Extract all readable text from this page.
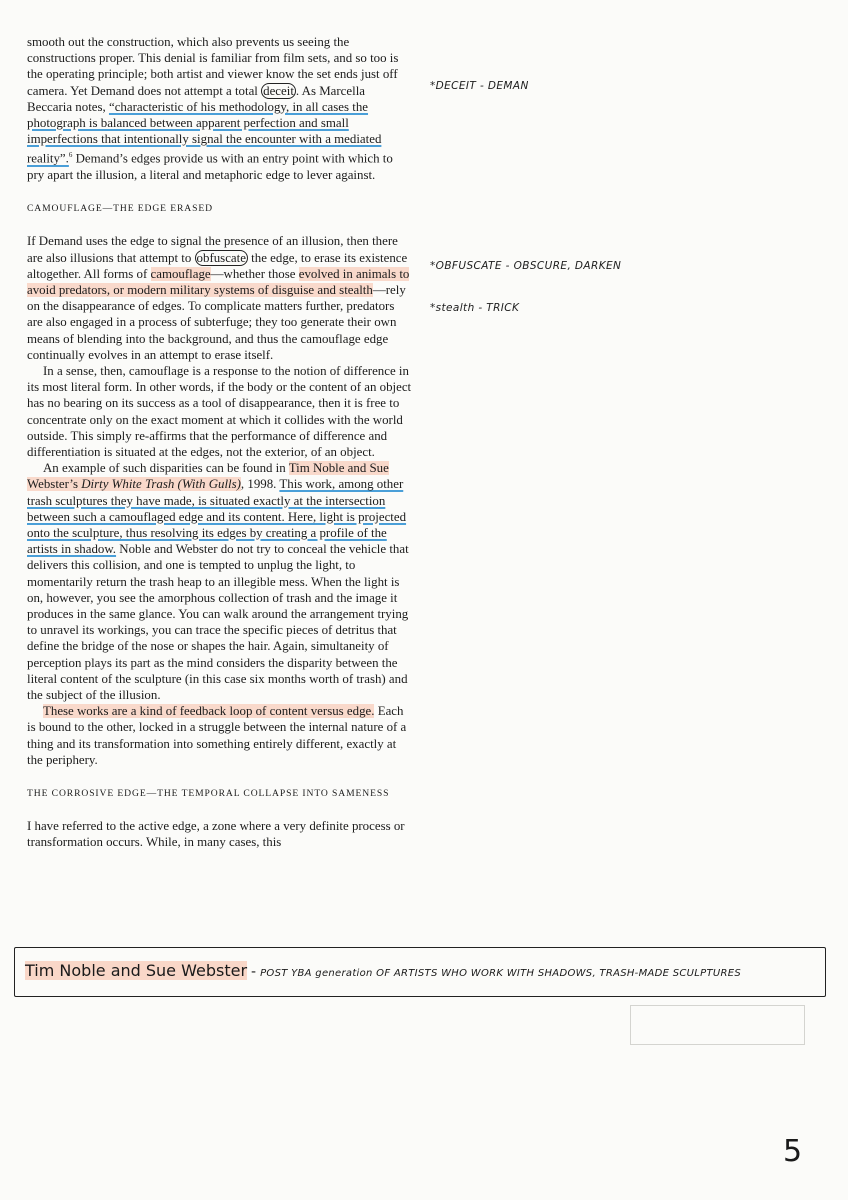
smooth out the construction, which also prevents us seeing the constructions proper. This denial is familiar from film sets, and so too is the operating principle; both artist and viewer know the set ends just off camera. Yet Demand does not attempt a total deceit . As Marcella Beccaria notes, “characteristic of his methodology, in all cases the photograph is balanced between apparent perfection and small imperfections that intentionally signal the encounter with a mediated reality”.$^6$ Demand’s edges provide us with an entry point with which to pry apart the illusion, a literal and metaphoric edge to lever against.

CAMOUFLAGE—THE EDGE ERASED

If Demand uses the edge to signal the presence of an illusion, then there are also illusions that attempt to obfuscate the edge, to erase its existence altogether. All forms of camouflage—whether those evolved in animals to avoid predators, or modern military systems of disguise and stealth—rely on the disappearance of edges. To complicate matters further, predators are also engaged in a process of subterfuge; they too generate their own means of blending into the background, and thus the camouflage edge continually evolves in an attempt to erase itself.

In a sense, then, camouflage is a response to the notion of difference in its most literal form. In other words, if the body or the content of an object has no bearing on its success as a tool of disappearance, then it is free to concentrate only on the exact moment at which it collides with the world outside. This simply re-affirms that the performance of difference and differentiation is situated at the edges, not the exterior, of an object.

An example of such disparities can be found in Tim Noble and Sue Webster’s Dirty White Trash (With Gulls), 1998. This work, among other trash sculptures they have made, is situated exactly at the intersection between such a camouflaged edge and its content. Here, light is projected onto the sculpture, thus resolving its edges by creating a profile of the artists in shadow. Noble and Webster do not try to conceal the vehicle that delivers this collision, and one is tempted to unplug the light, to momentarily return the trash heap to an illegible mess. When the light is on, however, you see the amorphous collection of trash and the image it produces in the same glance. You can walk around the arrangement trying to unravel its workings, you can trace the specific pieces of detritus that define the bridge of the nose or shapes the hair. Again, simultaneity of perception plays its part as the mind considers the disparity between the literal content of the sculpture (in this case six months worth of trash) and the subject of the illusion.

These works are a kind of feedback loop of content versus edge. Each is bound to the other, locked in a struggle between the internal nature of a thing and its transformation into something entirely different, exactly at the periphery.

THE CORROSIVE EDGE—THE TEMPORAL COLLAPSE INTO SAMENESS

I have referred to the active edge, a zone where a very definite process or transformation occurs. While, in many cases, this

*DECEIT - DEMAN
*OBFUSCATE - OBSCURE, DARKEN
*stealth - TRICK
Tim Noble and Sue Webster - POST YBA generation OF ARTISTS WHO WORK WITH SHADOWS, TRASH-MADE SCULPTURES
5
